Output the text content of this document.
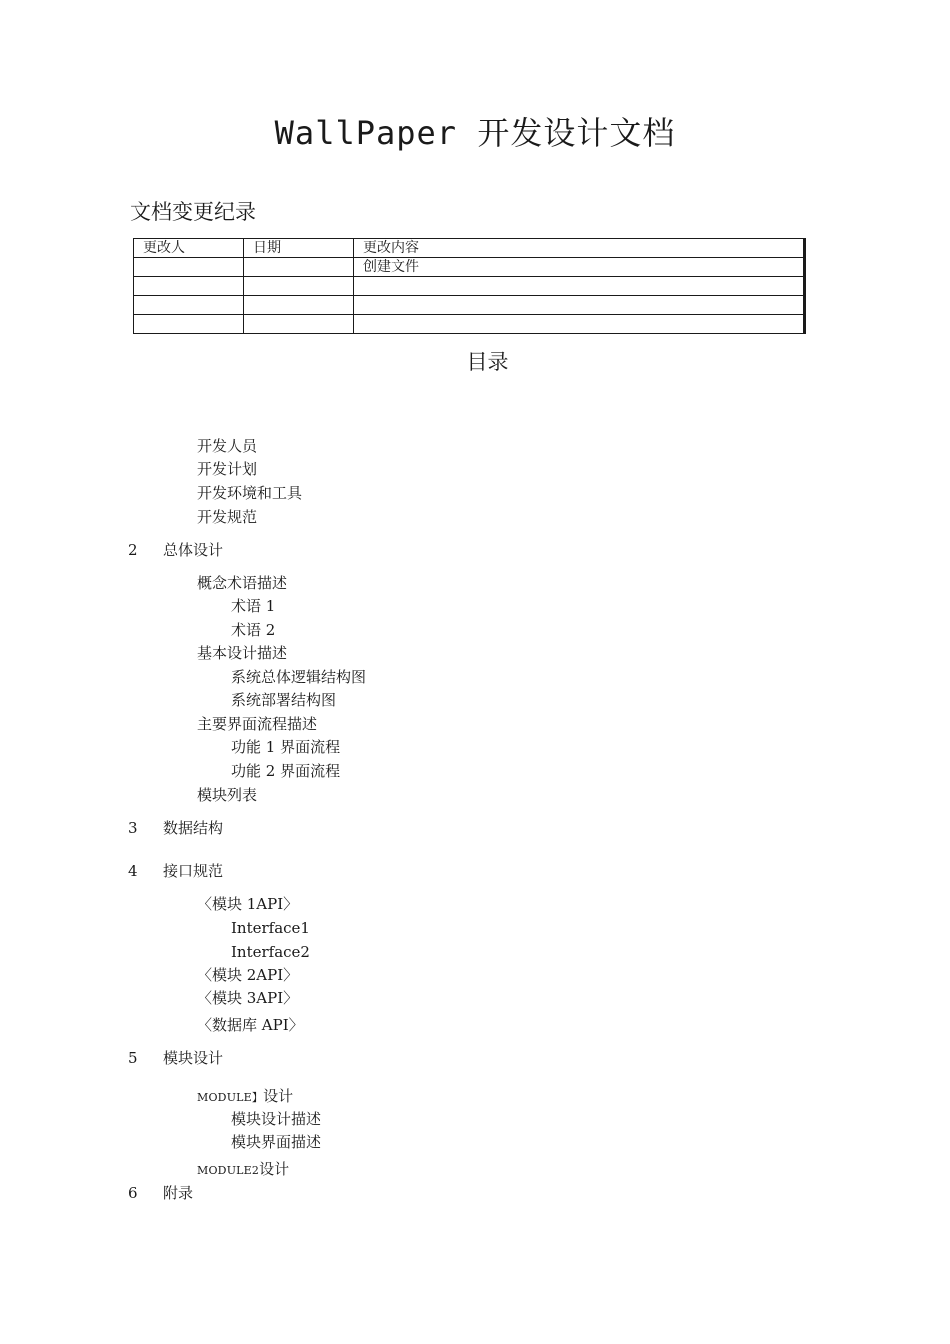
WallPaper 开发设计文档
文档变更纪录
更改人	日期	更改内容
		创建文件

目录
开发人员
开发计划
开发环境和工具
开发规范
2 总体设计
概念术语描述
术语 1
术语 2
基本设计描述
系统总体逻辑结构图
系统部署结构图
主要界面流程描述
功能 1 界面流程
功能 2 界面流程
模块列表
3 数据结构
4 接口规范
〈模块 1API〉
Interface1
Interface2
〈模块 2API〉
〈模块 3API〉
〈数据库 API〉
5 模块设计
MODULE】设计
模块设计描述
模块界面描述
MODULE2设计
6 附录
